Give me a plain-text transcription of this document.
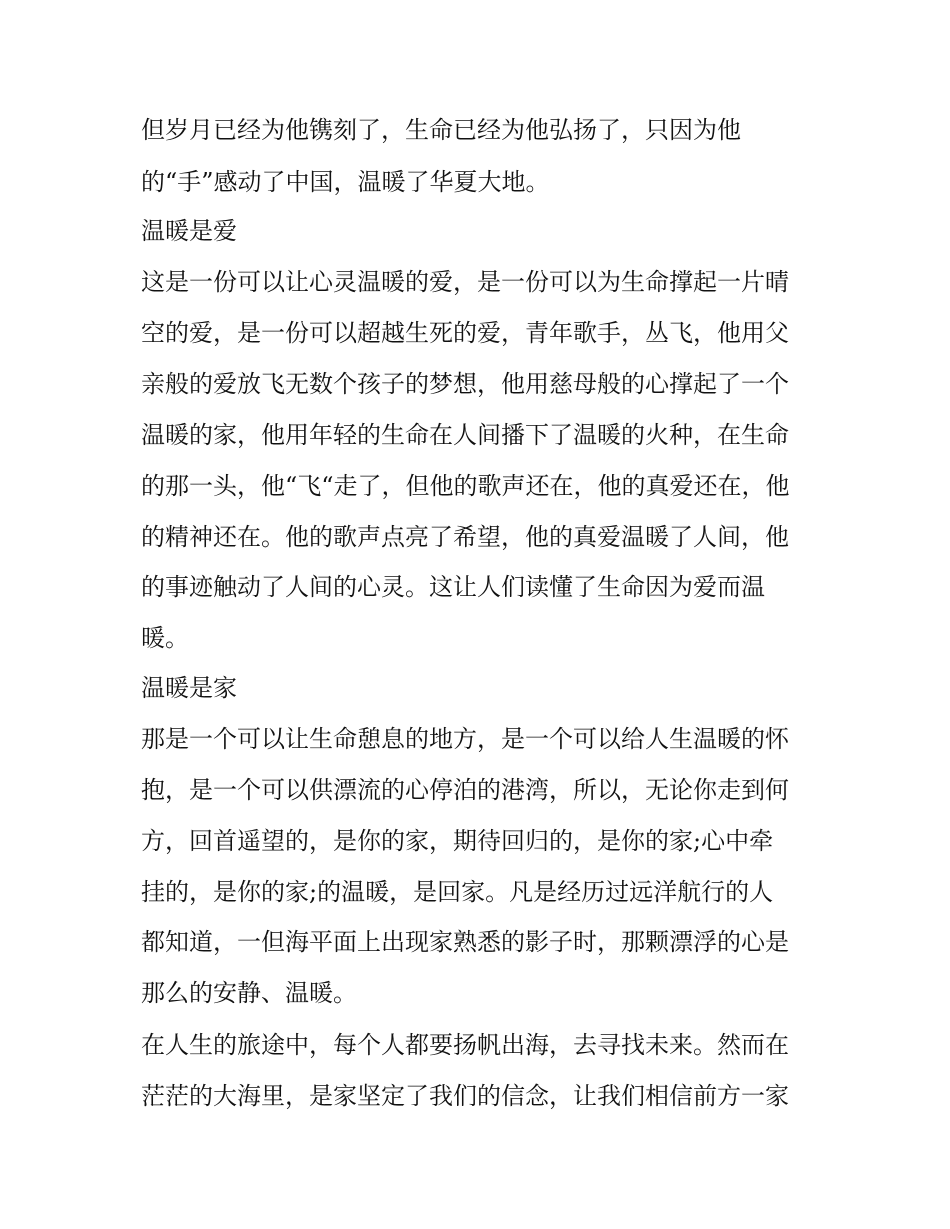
但岁月已经为他镌刻了，生命已经为他弘扬了，只因为他
的“手”感动了中国，温暖了华夏大地。
温暖是爱
这是一份可以让心灵温暖的爱，是一份可以为生命撑起一片晴
空的爱，是一份可以超越生死的爱，青年歌手，丛飞，他用父
亲般的爱放飞无数个孩子的梦想，他用慈母般的心撑起了一个
温暖的家，他用年轻的生命在人间播下了温暖的火种，在生命
的那一头，他“飞“走了，但他的歌声还在，他的真爱还在，他
的精神还在。他的歌声点亮了希望，他的真爱温暖了人间，他
的事迹触动了人间的心灵。这让人们读懂了生命因为爱而温
暖。
温暖是家
那是一个可以让生命憩息的地方，是一个可以给人生温暖的怀
抱，是一个可以供漂流的心停泊的港湾，所以，无论你走到何
方，回首遥望的，是你的家，期待回归的，是你的家;心中牵
挂的，是你的家;的温暖，是回家。凡是经历过远洋航行的人
都知道，一但海平面上出现家熟悉的影子时，那颗漂浮的心是
那么的安静、温暖。
在人生的旅途中，每个人都要扬帆出海，去寻找未来。然而在
茫茫的大海里，是家坚定了我们的信念，让我们相信前方一家
